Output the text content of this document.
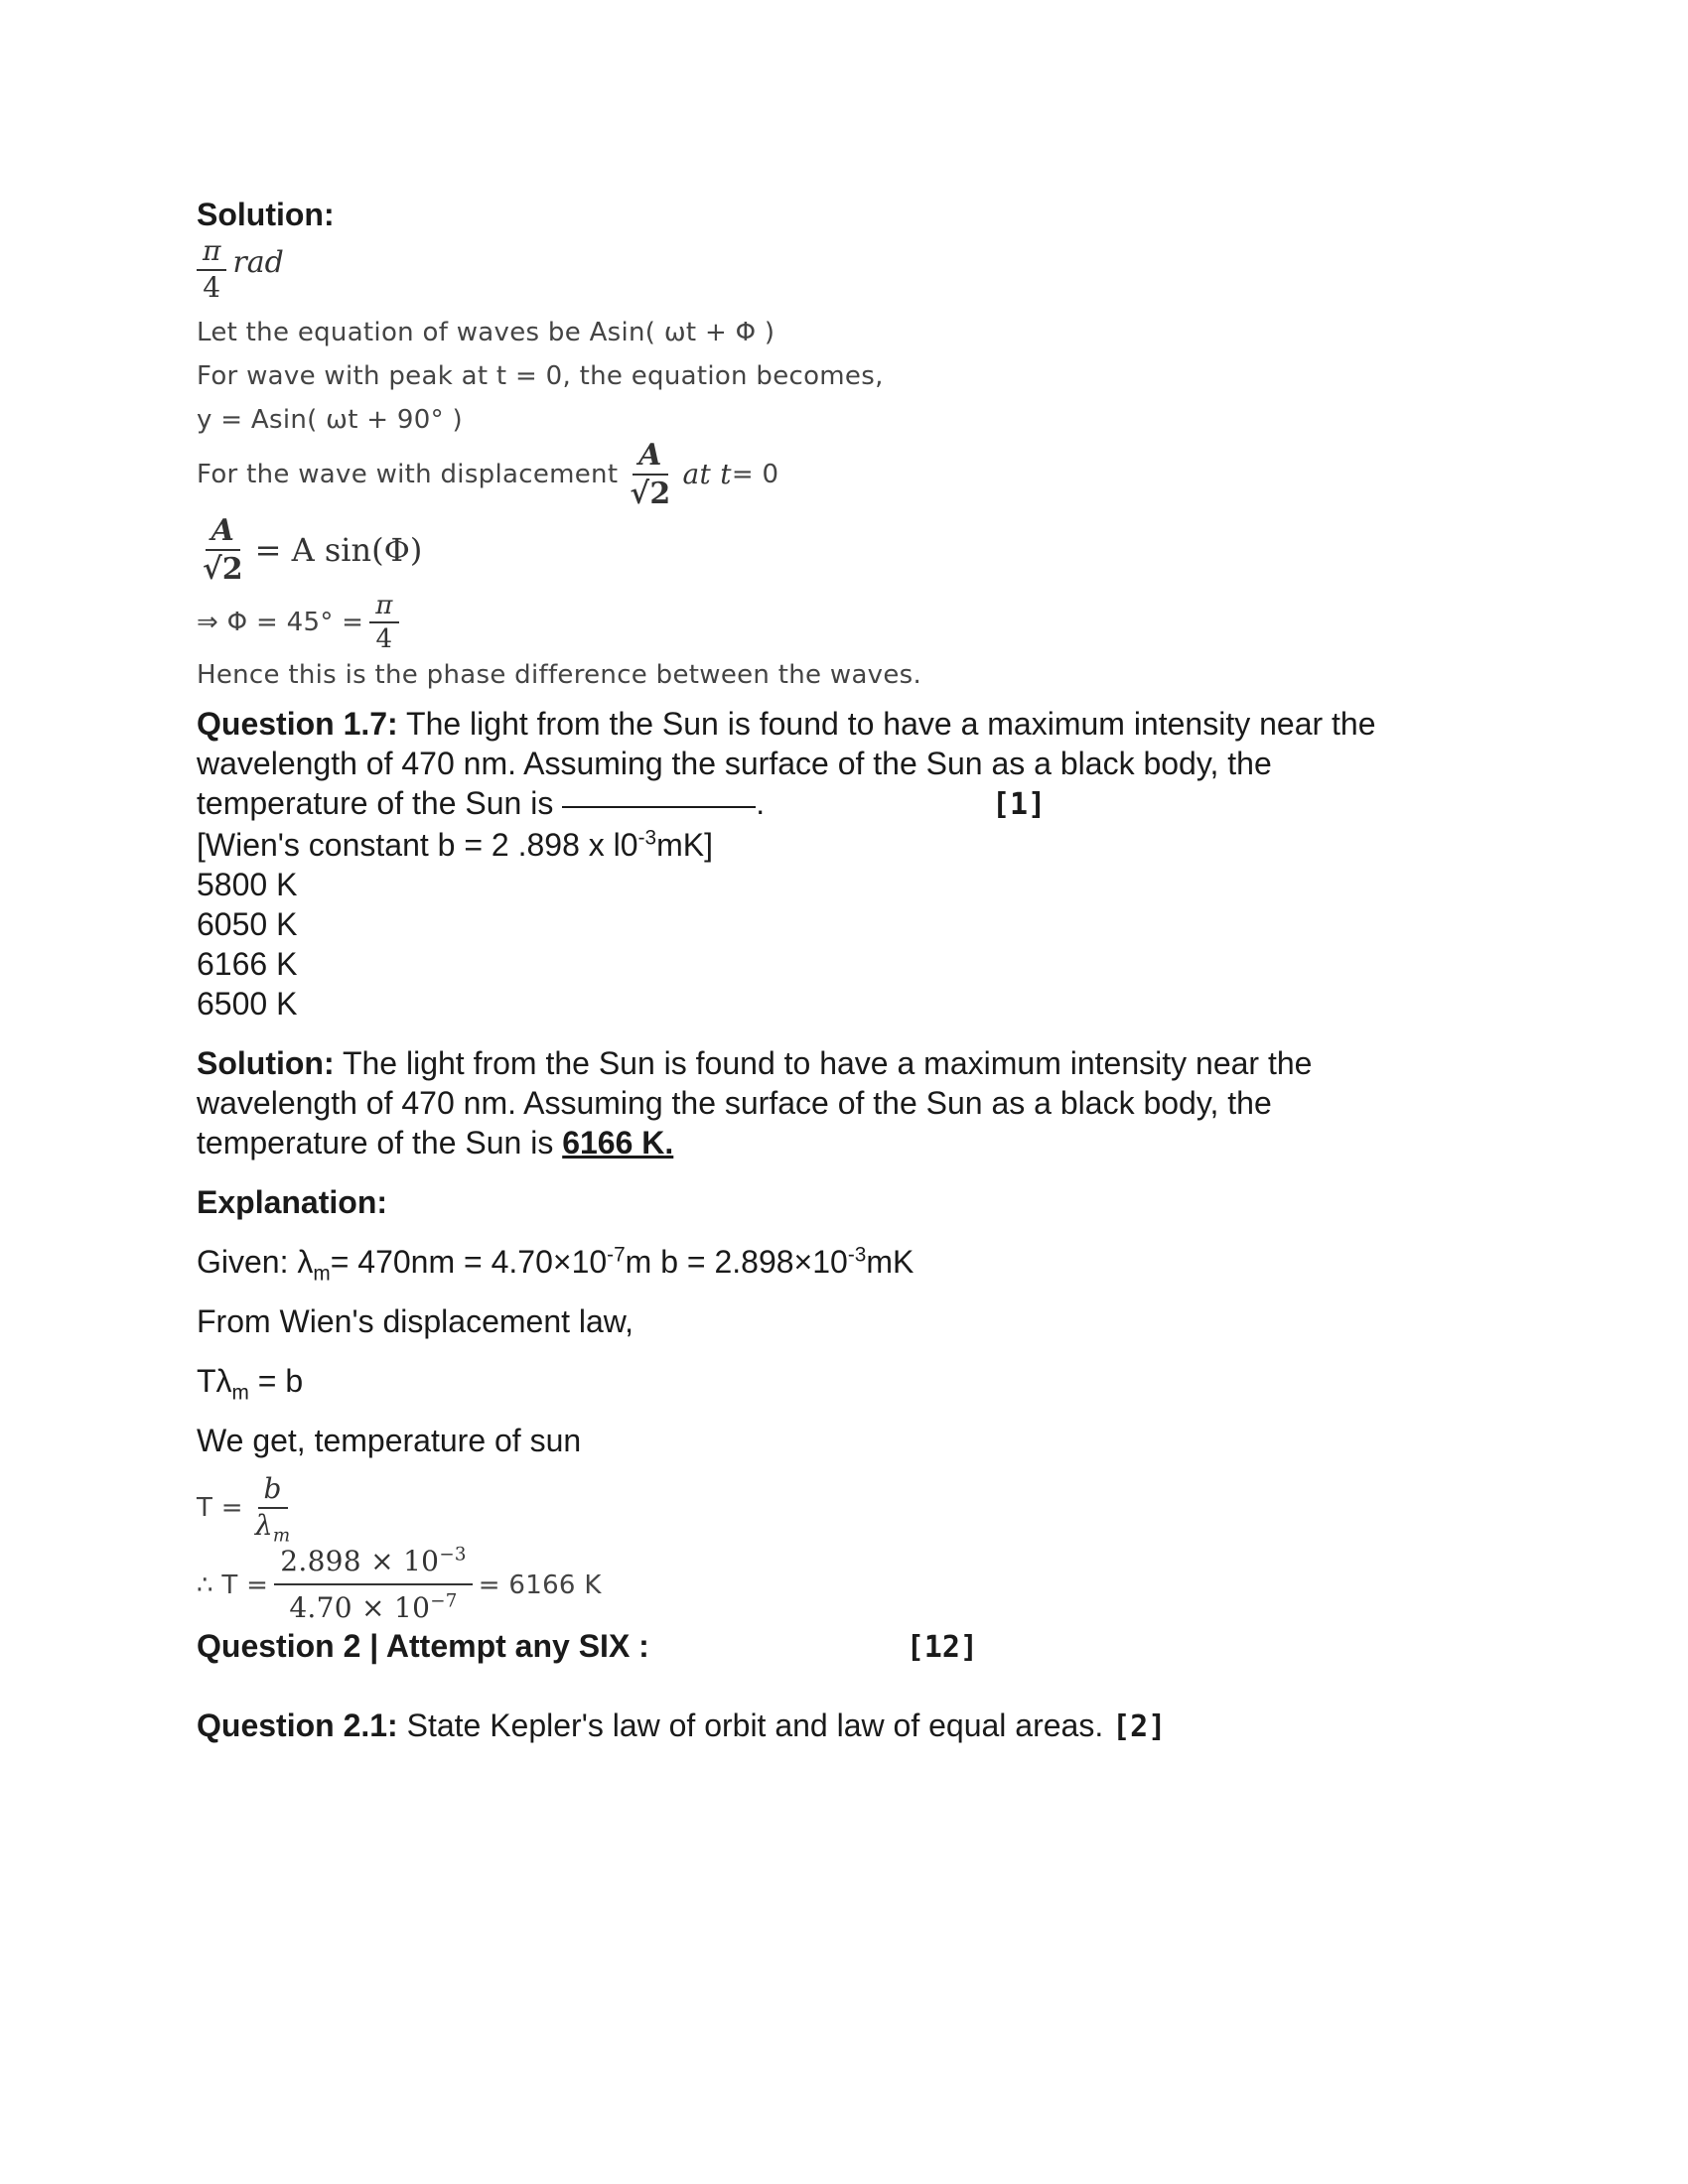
Solution:
$\frac{\pi}{4}$ rad
Let the equation of waves be Asin( ωt + Φ )
For wave with peak at t = 0, the equation becomes,
y = Asin( ωt + 90° )
For the wave with displacement $\frac{A}{√2}$ at t = 0
$\frac{A}{√2} = A$ sin(Φ)
⇒ $\Phi = 45^\circ = \frac{\pi}{4}$
Hence this is the phase difference between the waves.
Question 1.7: The light from the Sun is found to have a maximum intensity near the wavelength of 470 nm. Assuming the surface of the Sun as a black body, the temperature of the Sun is	.	[1]
[Wien's constant b = 2 .898 x $l0^{-3}mK$]
5800 K
6050 K
6166 K
6500 K
Solution: The light from the Sun is found to have a maximum intensity near the wavelength of 470 nm. Assuming the surface of the Sun as a black body, the temperature of the Sun is 6166 K.
Explanation:
Given: $\lambda_m= 470nm = 4.70\times 10^{-7}m$ $b = 2.898\times 10^{-3}mK$
From Wien's displacement law,
$T\lambda_m = b$
We get, temperature of sun
$T = \frac{b}{\lambda_m}$
∴ $T = \frac{2.898 \times 10^{-3}}{4.70 \times 10^{-7}} = 6166$ K
Question 2 | Attempt any SIX :	[12]
Question 2.1: State Kepler's law of orbit and law of equal areas. [2]
